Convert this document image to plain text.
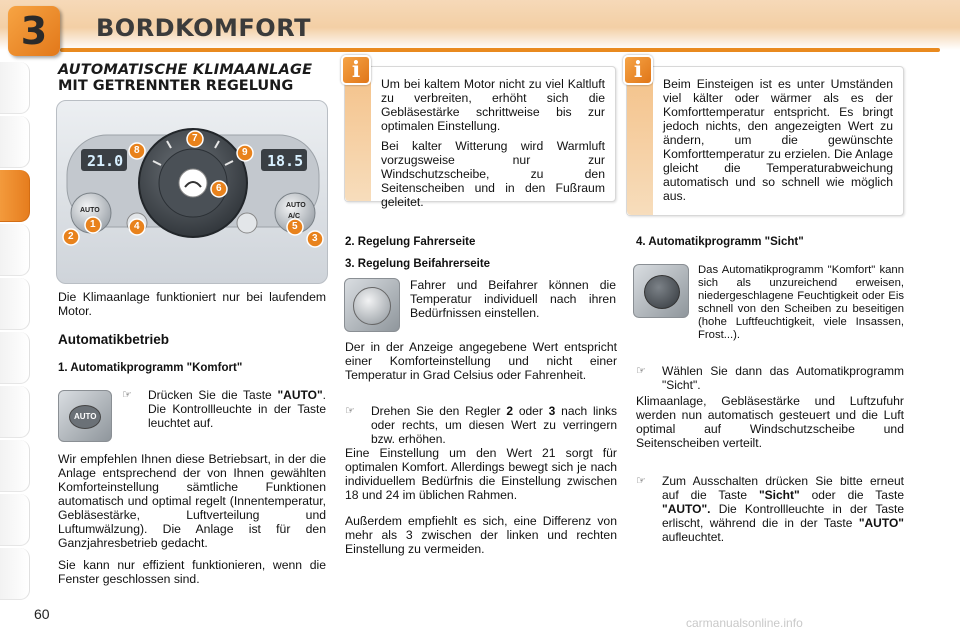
3 BORDKOMFORT
AUTOMATISCHE KLIMAANLAGE
MIT GETRENNTER REGELUNG
21.0	18.5
AUTO
AUTO
A/C
1
2	3
4	5
6
7
8	9
Die Klimaanlage funktioniert nur bei laufendem Motor.
Automatikbetrieb
1. Automatikprogramm "Komfort"
AUTO
☞	Drücken Sie die Taste "AUTO". Die Kontrollleuchte in der Taste leuchtet auf.
Wir empfehlen Ihnen diese Betriebsart, in der die Anlage entsprechend der von Ihnen gewählten Komforteinstellung sämtliche Funktionen automatisch und optimal regelt (Innentemperatur, Gebläsestärke, Luftverteilung und Luftumwälzung). Die Anlage ist für den Ganzjahresbetrieb gedacht.
Sie kann nur effizient funktionieren, wenn die Fenster geschlossen sind.
i

Um bei kaltem Motor nicht zu viel Kaltluft zu verbreiten, erhöht sich die Gebläsestärke schrittweise bis zur optimalen Einstellung.

Bei kalter Witterung wird Warmluft vorzugsweise nur zur Windschutzscheibe, zu den Seitenscheiben und in den Fußraum geleitet.

i

Beim Einsteigen ist es unter Umständen viel kälter oder wärmer als es der Komforttemperatur entspricht. Es bringt jedoch nichts, den angezeigten Wert zu ändern, um die gewünschte Komforttemperatur zu erzielen. Die Anlage gleicht die Temperaturabweichung automatisch und so schnell wie möglich aus.

2. Regelung Fahrerseite
3. Regelung Beifahrerseite
Fahrer und Beifahrer können die Temperatur individuell nach ihren Bedürfnissen einstellen.
Der in der Anzeige angegebene Wert entspricht einer Komforteinstellung und nicht einer Temperatur in Grad Celsius oder Fahrenheit.
☞	Drehen Sie den Regler 2 oder 3 nach links oder rechts, um diesen Wert zu verringern bzw. erhöhen.
Eine Einstellung um den Wert 21 sorgt für optimalen Komfort. Allerdings bewegt sich je nach individuellem Bedürfnis die Einstellung zwischen 18 und 24 im üblichen Rahmen.
Außerdem empfiehlt es sich, eine Differenz von mehr als 3 zwischen der linken und rechten Einstellung zu vermeiden.
4. Automatikprogramm "Sicht"
Das Automatikprogramm "Komfort" kann sich als unzureichend erweisen, niedergeschlagene Feuchtigkeit oder Eis schnell von den Scheiben zu beseitigen (hohe Luftfeuchtigkeit, viele Insassen, Frost...).
☞	Wählen Sie dann das Automatikprogramm "Sicht".
Klimaanlage, Gebläsestärke und Luftzufuhr werden nun automatisch gesteuert und die Luft optimal auf Windschutzscheibe und Seitenscheiben verteilt.
☞	Zum Ausschalten drücken Sie bitte erneut auf die Taste "Sicht" oder die Taste "AUTO". Die Kontrollleuchte in der Taste erlischt, während die in der Taste "AUTO" aufleuchtet.
60
carmanualsonline.info
